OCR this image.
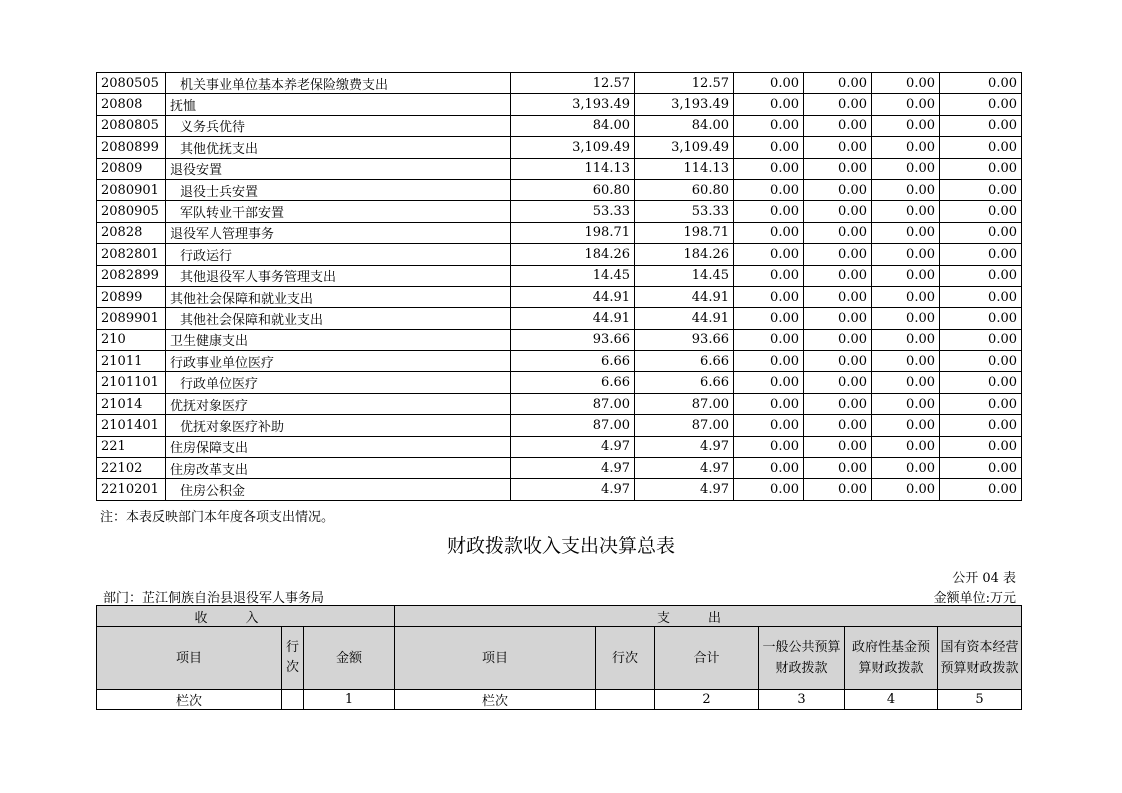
2080505	机关事业单位基本养老保险缴费支出	12.57	12.57	0.00	0.00	0.00	0.00
20808	抚恤	3,193.49	3,193.49	0.00	0.00	0.00	0.00
2080805	义务兵优待	84.00	84.00	0.00	0.00	0.00	0.00
2080899	其他优抚支出	3,109.49	3,109.49	0.00	0.00	0.00	0.00
20809	退役安置	114.13	114.13	0.00	0.00	0.00	0.00
2080901	退役士兵安置	60.80	60.80	0.00	0.00	0.00	0.00
2080905	军队转业干部安置	53.33	53.33	0.00	0.00	0.00	0.00
20828	退役军人管理事务	198.71	198.71	0.00	0.00	0.00	0.00
2082801	行政运行	184.26	184.26	0.00	0.00	0.00	0.00
2082899	其他退役军人事务管理支出	14.45	14.45	0.00	0.00	0.00	0.00
20899	其他社会保障和就业支出	44.91	44.91	0.00	0.00	0.00	0.00
2089901	其他社会保障和就业支出	44.91	44.91	0.00	0.00	0.00	0.00
210	卫生健康支出	93.66	93.66	0.00	0.00	0.00	0.00
21011	行政事业单位医疗	6.66	6.66	0.00	0.00	0.00	0.00
2101101	行政单位医疗	6.66	6.66	0.00	0.00	0.00	0.00
21014	优抚对象医疗	87.00	87.00	0.00	0.00	0.00	0.00
2101401	优抚对象医疗补助	87.00	87.00	0.00	0.00	0.00	0.00
221	住房保障支出	4.97	4.97	0.00	0.00	0.00	0.00
22102	住房改革支出	4.97	4.97	0.00	0.00	0.00	0.00
2210201	住房公积金	4.97	4.97	0.00	0.00	0.00	0.00
注：本表反映部门本年度各项支出情况。
财政拨款收入支出决算总表
公开 04 表
部门：芷江侗族自治县退役军人事务局	金额单位:万元
收入			支出					
项目	行次	金额	项目	行次	合计	一般公共预算财政拨款	政府性基金预算财政拨款	国有资本经营预算财政拨款
栏次		1	栏次		2	3	4	5
